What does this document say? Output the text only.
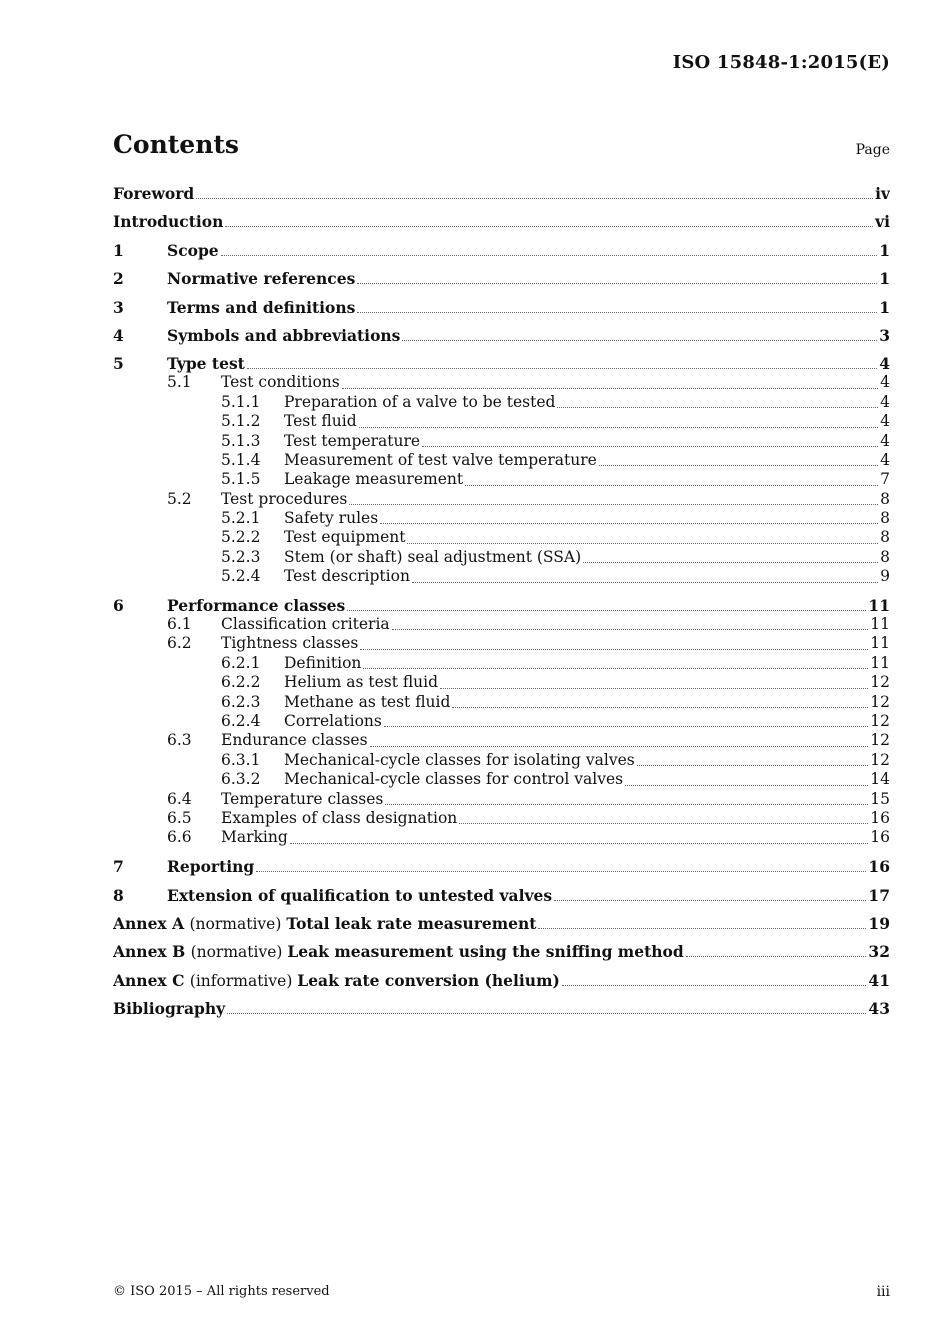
ISO 15848-1:2015(E)
Contents	Page
Foreword	iv
Introduction	vi
1	Scope	1
2	Normative references	1
3	Terms and definitions	1
4	Symbols and abbreviations	3
5	Type test	4
5.1	Test conditions	4
5.1.1	Preparation of a valve to be tested	4
5.1.2	Test fluid	4
5.1.3	Test temperature	4
5.1.4	Measurement of test valve temperature	4
5.1.5	Leakage measurement	7
5.2	Test procedures	8
5.2.1	Safety rules	8
5.2.2	Test equipment	8
5.2.3	Stem (or shaft) seal adjustment (SSA)	8
5.2.4	Test description	9
6	Performance classes	11
6.1	Classification criteria	11
6.2	Tightness classes	11
6.2.1	Definition	11
6.2.2	Helium as test fluid	12
6.2.3	Methane as test fluid	12
6.2.4	Correlations	12
6.3	Endurance classes	12
6.3.1	Mechanical-cycle classes for isolating valves	12
6.3.2	Mechanical-cycle classes for control valves	14
6.4	Temperature classes	15
6.5	Examples of class designation	16
6.6	Marking	16
7	Reporting	16
8	Extension of qualification to untested valves	17
Annex A (normative) Total leak rate measurement	19
Annex B (normative) Leak measurement using the sniffing method	32
Annex C (informative) Leak rate conversion (helium)	41
Bibliography	43
© ISO 2015 – All rights reserved	iii
